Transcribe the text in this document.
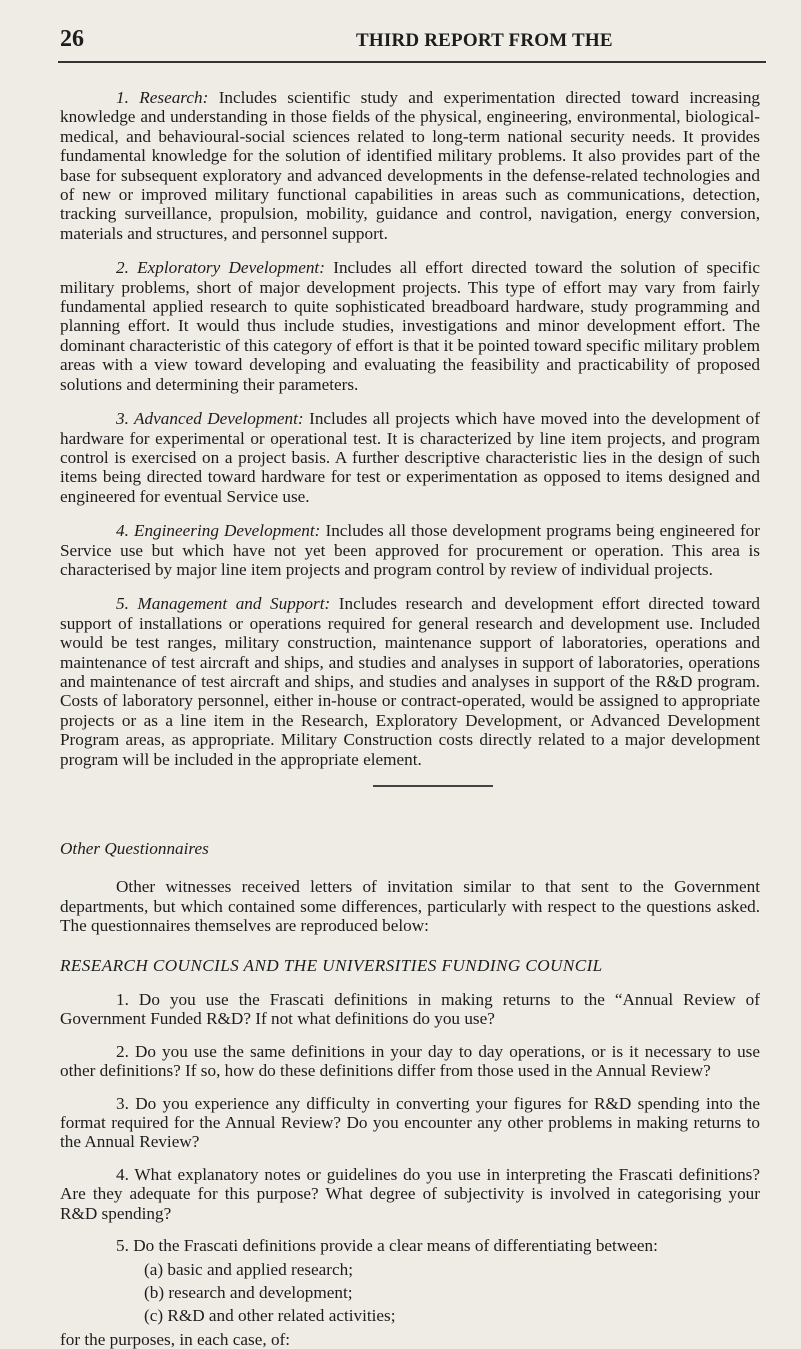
26	THIRD REPORT FROM THE

1. Research: Includes scientific study and experimentation directed toward increasing knowledge and understanding in those fields of the physical, engineering, environmental, biological-medical, and behavioural-social sciences related to long-term national security needs. It provides fundamental knowledge for the solution of identified military problems. It also provides part of the base for subsequent exploratory and advanced developments in the defense-related technologies and of new or improved military functional capabilities in areas such as communications, detection, tracking surveillance, propulsion, mobility, guidance and control, navigation, energy conversion, materials and structures, and personnel support.

2. Exploratory Development: Includes all effort directed toward the solution of specific military problems, short of major development projects. This type of effort may vary from fairly fundamental applied research to quite sophisticated breadboard hardware, study programming and planning effort. It would thus include studies, investigations and minor development effort. The dominant characteristic of this category of effort is that it be pointed toward specific military problem areas with a view toward developing and evaluating the feasibility and practicability of proposed solutions and determining their parameters.

3. Advanced Development: Includes all projects which have moved into the development of hardware for experimental or operational test. It is characterized by line item projects, and program control is exercised on a project basis. A further descriptive characteristic lies in the design of such items being directed toward hardware for test or experimentation as opposed to items designed and engineered for eventual Service use.

4. Engineering Development: Includes all those development programs being engineered for Service use but which have not yet been approved for procurement or operation. This area is characterised by major line item projects and program control by review of individual projects.

5. Management and Support: Includes research and development effort directed toward support of installations or operations required for general research and development use. Included would be test ranges, military construction, maintenance support of laboratories, operations and maintenance of test aircraft and ships, and studies and analyses in support of laboratories, operations and maintenance of test aircraft and ships, and studies and analyses in support of the R&D program. Costs of laboratory personnel, either in-house or contract-operated, would be assigned to appropriate projects or as a line item in the Research, Exploratory Development, or Advanced Development Program areas, as appropriate. Military Construction costs directly related to a major development program will be included in the appropriate element.

Other Questionnaires

Other witnesses received letters of invitation similar to that sent to the Government departments, but which contained some differences, particularly with respect to the questions asked. The questionnaires themselves are reproduced below:

RESEARCH COUNCILS AND THE UNIVERSITIES FUNDING COUNCIL

1. Do you use the Frascati definitions in making returns to the “Annual Review of Government Funded R&D? If not what definitions do you use?

2. Do you use the same definitions in your day to day operations, or is it necessary to use other definitions? If so, how do these definitions differ from those used in the Annual Review?

3. Do you experience any difficulty in converting your figures for R&D spending into the format required for the Annual Review? Do you encounter any other problems in making returns to the Annual Review?

4. What explanatory notes or guidelines do you use in interpreting the Frascati definitions? Are they adequate for this purpose? What degree of subjectivity is involved in categorising your R&D spending?

5. Do the Frascati definitions provide a clear means of differentiating between:

(a) basic and applied research;

(b) research and development;

(c) R&D and other related activities;

for the purposes, in each case, of:
